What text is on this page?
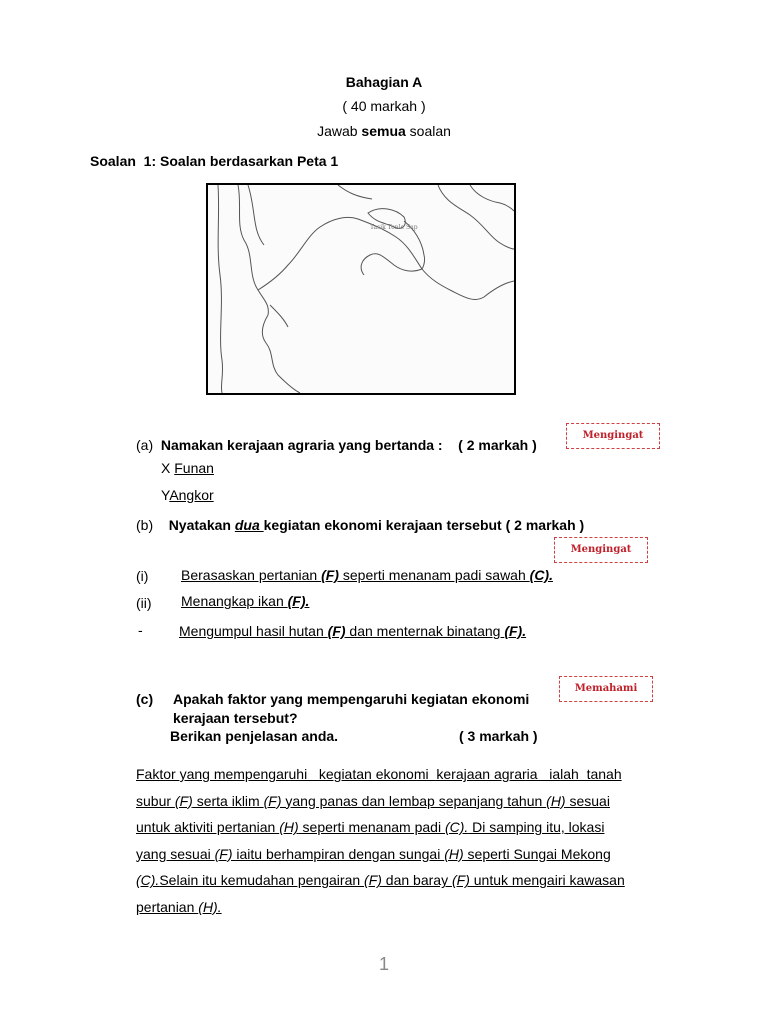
Bahagian A
( 40 markah )
Jawab semua soalan
Soalan  1: Soalan berdasarkan Peta 1
Tasik Tonle Sap
(a) Namakan kerajaan agraria yang bertanda : ( 2 markah )
Mengingat
X Funan
YAngkor
(b) Nyatakan dua kegiatan ekonomi kerajaan tersebut ( 2 markah )
Mengingat
(i) Berasaskan pertanian (F) seperti menanam padi sawah (C).
(ii) Menangkap ikan (F).
-	Mengumpul hasil hutan (F) dan menternak binatang (F).
(c) Apakah faktor yang mempengaruhi kegiatan ekonomi
kerajaan tersebut?
Berikan penjelasan anda.	( 3 markah )
Memahami
Faktor yang mempengaruhi   kegiatan ekonomi  kerajaan agraria   ialah  tanah
subur (F) serta iklim (F) yang panas dan lembap sepanjang tahun (H) sesuai
untuk aktiviti pertanian (H) seperti menanam padi (C). Di samping itu, lokasi
yang sesuai (F) iaitu berhampiran dengan sungai (H) seperti Sungai Mekong
(C).Selain itu kemudahan pengairan (F) dan baray (F) untuk mengairi kawasan
pertanian (H).
1
